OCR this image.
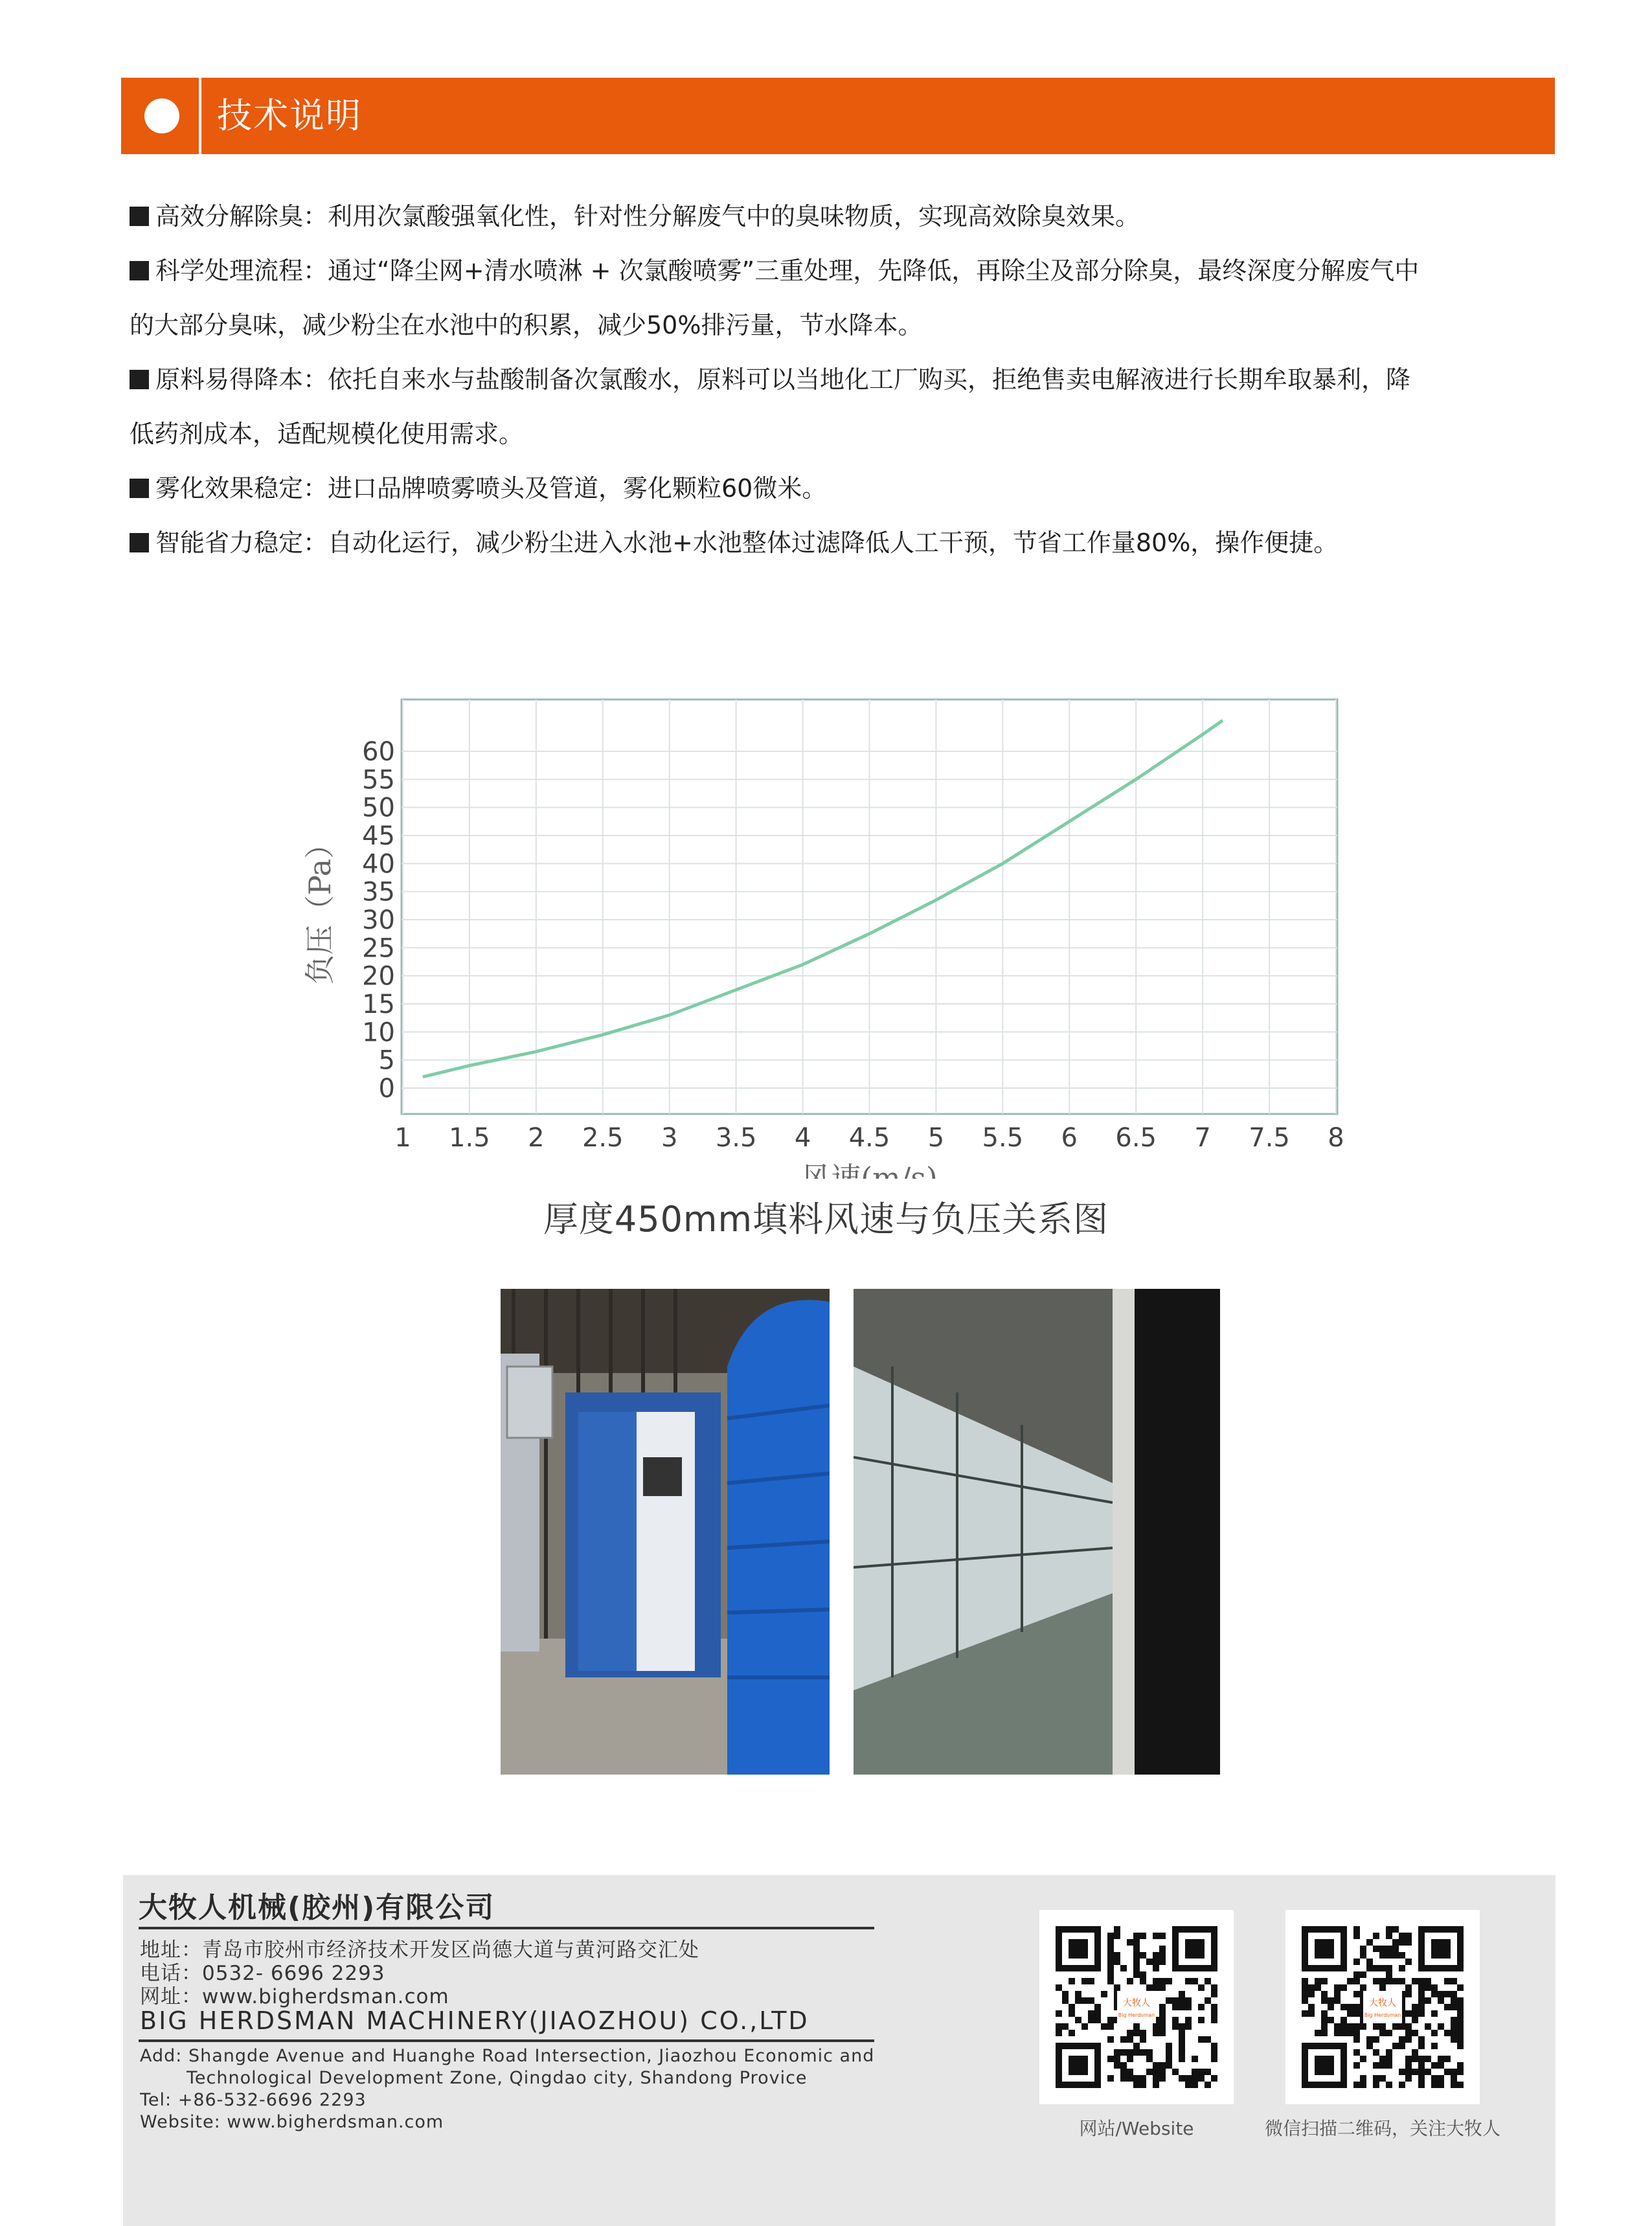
技术说明

高效分解除臭：利用次氯酸强氧化性，针对性分解废气中的臭味物质，实现高效除臭效果。

科学处理流程：通过“降尘网+清水喷淋 + 次氯酸喷雾”三重处理，先降低，再除尘及部分除臭，最终深度分解废气中

的大部分臭味，减少粉尘在水池中的积累，减少50%排污量，节水降本。

原料易得降本：依托自来水与盐酸制备次氯酸水，原料可以当地化工厂购买，拒绝售卖电解液进行长期牟取暴利，降

低药剂成本，适配规模化使用需求。

雾化效果稳定：进口品牌喷雾喷头及管道，雾化颗粒60微米。

智能省力稳定：自动化运行，减少粉尘进入水池+水池整体过滤降低人工干预，节省工作量80%，操作便捷。

0
5
10
15
20
25
30
35
40
45
50
55
60
1 1.5 2 2.5 3 3.5 4 4.5 5 5.5 6 6.5 7 7.5 8
负压（Pa）
风速(m/s)
厚度450mm填料风速与负压关系图
大牧人机械(胶州)有限公司
地址：青岛市胶州市经济技术开发区尚德大道与黄河路交汇处
电话：0532- 6696 2293
网址：www.bigherdsman.com
BIG HERDSMAN MACHINERY(JIAOZHOU) CO.,LTD
Add: Shangde Avenue and Huanghe Road Intersection, Jiaozhou Economic and
Technological Development Zone, Qingdao city, Shandong Provice
Tel: +86-532-6696 2293
Website: www.bigherdsman.com
大牧人
Big Herdsman
网站/Website
大牧人
Big Herdsman
微信扫描二维码，关注大牧人
